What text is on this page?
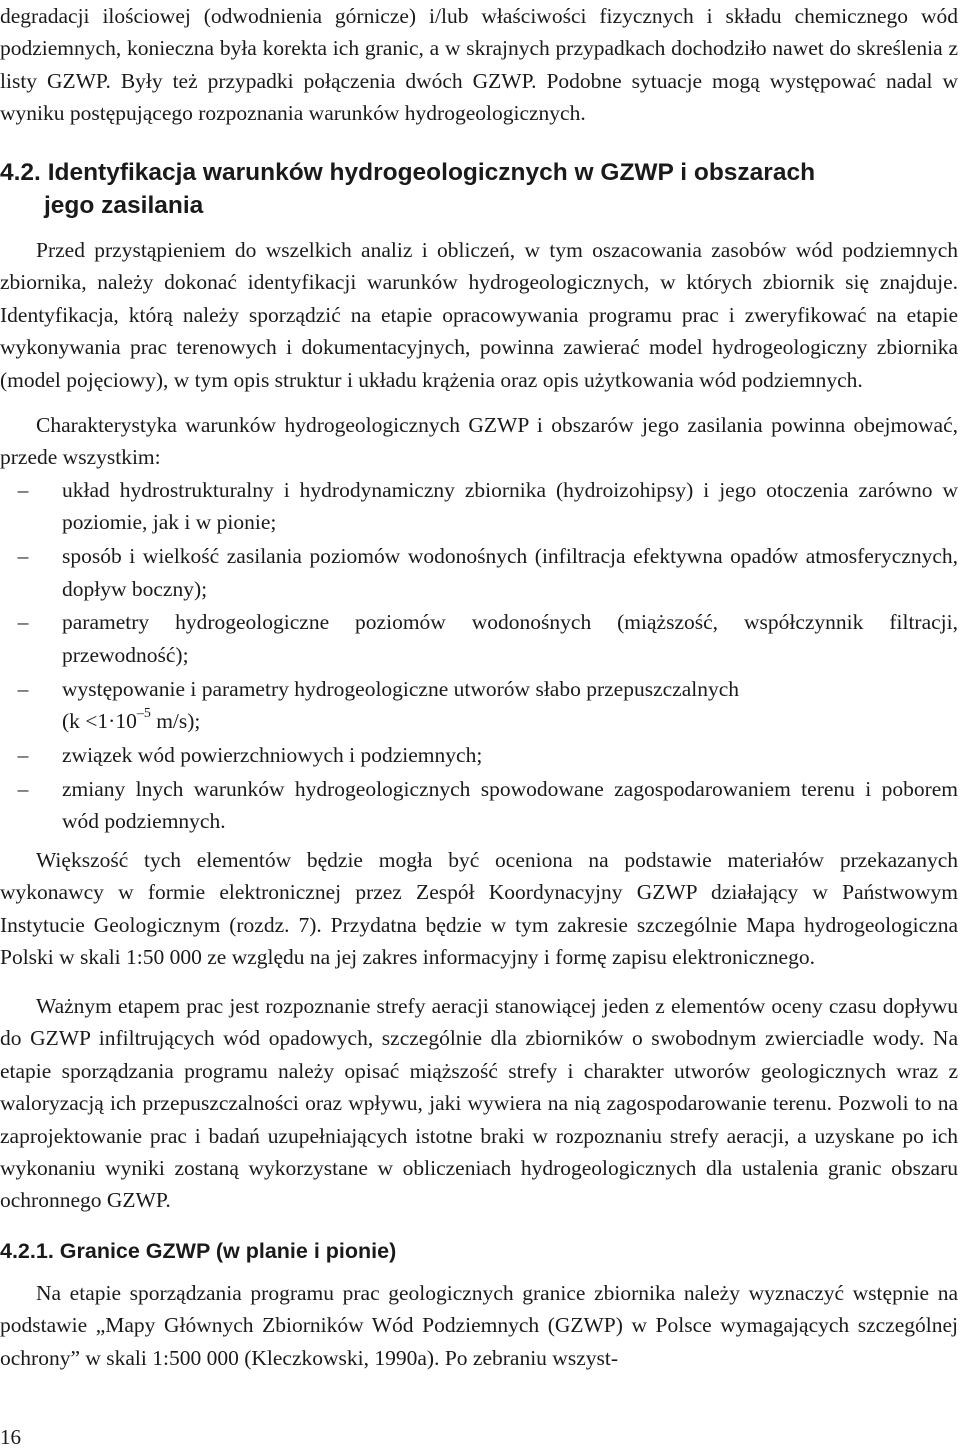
degradacji ilościowej (odwodnienia górnicze) i/lub właściwości fizycznych i składu chemicznego wód podziemnych, konieczna była korekta ich granic, a w skrajnych przypadkach dochodziło nawet do skreślenia z listy GZWP. Były też przypadki połączenia dwóch GZWP. Podobne sytuacje mogą występować nadal w wyniku postępującego rozpoznania warunków hydrogeologicznych.

4.2. Identyfikacja warunków hydrogeologicznych w GZWP i obszarach
jego zasilania

Przed przystąpieniem do wszelkich analiz i obliczeń, w tym oszacowania zasobów wód podziemnych zbiornika, należy dokonać identyfikacji warunków hydrogeologicznych, w których zbiornik się znajduje. Identyfikacja, którą należy sporządzić na etapie opracowywania programu prac i zweryfikować na etapie wykonywania prac terenowych i dokumentacyjnych, powinna zawierać model hydrogeologiczny zbiornika (model pojęciowy), w tym opis struktur i układu krążenia oraz opis użytkowania wód podziemnych.

Charakterystyka warunków hydrogeologicznych GZWP i obszarów jego zasilania powinna obejmować, przede wszystkim:

–	układ hydrostrukturalny i hydrodynamiczny zbiornika (hydroizohipsy) i jego otoczenia zarówno w poziomie, jak i w pionie;
–	sposób i wielkość zasilania poziomów wodonośnych (infiltracja efektywna opadów atmosferycznych, dopływ boczny);
–	parametry hydrogeologiczne poziomów wodonośnych (miąższość, współczynnik filtracji, przewodność);
–	występowanie i parametry hydrogeologiczne utworów słabo przepuszczalnych
($k <1\cdot 10^{-5}$ m/s);
–	związek wód powierzchniowych i podziemnych;
–	zmiany lnych warunków hydrogeologicznych spowodowane zagospodarowaniem terenu i poborem wód podziemnych.

Większość tych elementów będzie mogła być oceniona na podstawie materiałów przekazanych wykonawcy w formie elektronicznej przez Zespół Koordynacyjny GZWP działający w Państwowym Instytucie Geologicznym (rozdz. 7). Przydatna będzie w tym zakresie szczególnie Mapa hydrogeologiczna Polski w skali 1:50 000 ze względu na jej zakres informacyjny i formę zapisu elektronicznego.

Ważnym etapem prac jest rozpoznanie strefy aeracji stanowiącej jeden z elementów oceny czasu dopływu do GZWP infiltrujących wód opadowych, szczególnie dla zbiorników o swobodnym zwierciadle wody. Na etapie sporządzania programu należy opisać miąższość strefy i charakter utworów geologicznych wraz z waloryzacją ich przepuszczalności oraz wpływu, jaki wywiera na nią zagospodarowanie terenu. Pozwoli to na zaprojektowanie prac i badań uzupełniających istotne braki w rozpoznaniu strefy aeracji, a uzyskane po ich wykonaniu wyniki zostaną wykorzystane w obliczeniach hydrogeologicznych dla ustalenia granic obszaru ochronnego GZWP.

4.2.1. Granice GZWP (w planie i pionie)

Na etapie sporządzania programu prac geologicznych granice zbiornika należy wyznaczyć wstępnie na podstawie „Mapy Głównych Zbiorników Wód Podziemnych (GZWP) w Polsce wymagających szczególnej ochrony” w skali 1:500 000 (Kleczkowski, 1990a). Po zebraniu wszyst-

16
